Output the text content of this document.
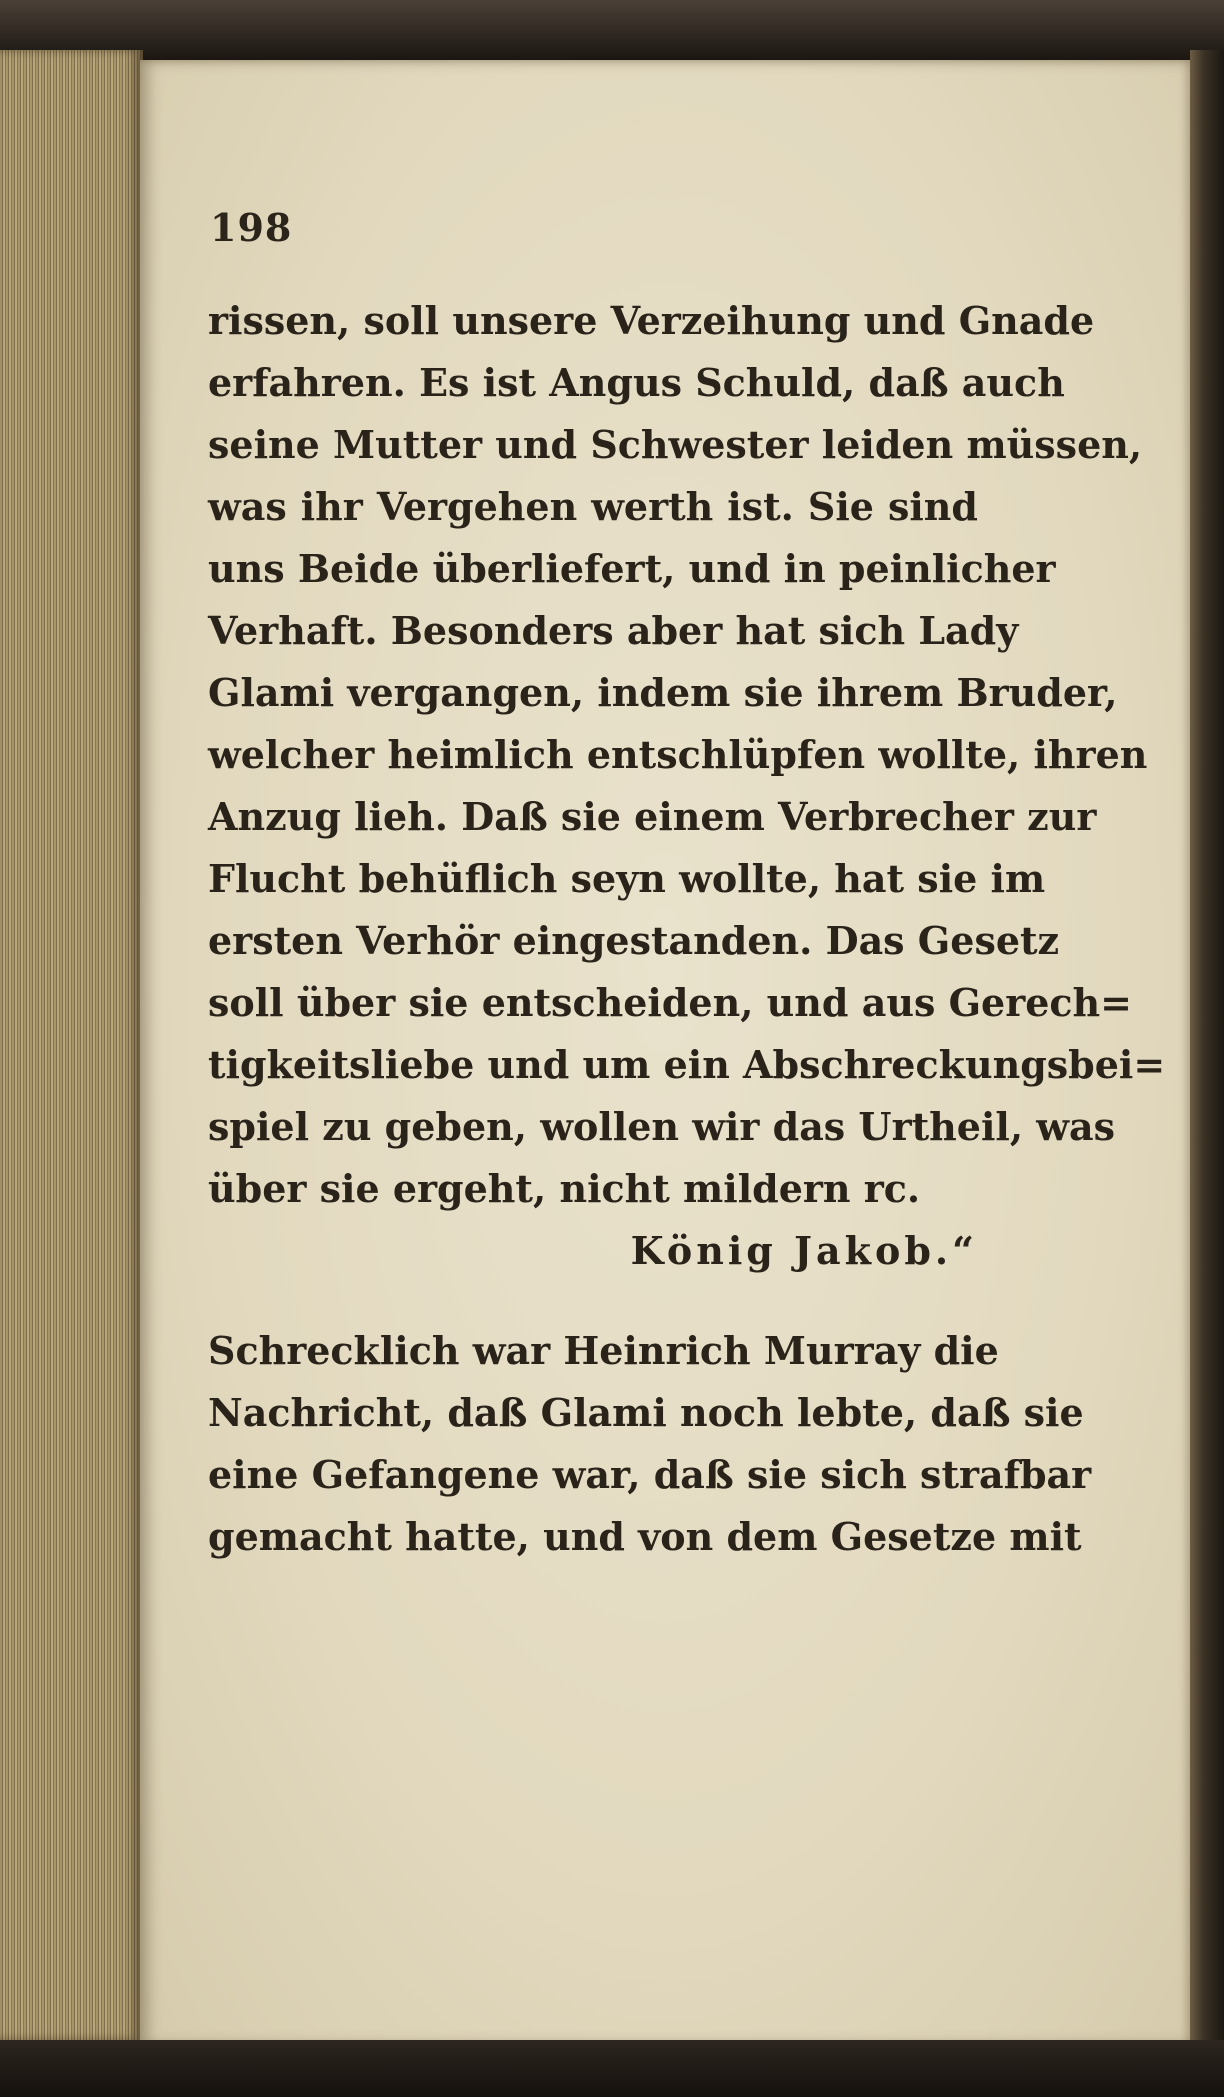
198
rissen, soll unsere Verzeihung und Gnade
erfahren. Es ist Angus Schuld, daß auch
seine Mutter und Schwester leiden müssen,
was ihr Vergehen werth ist. Sie sind
uns Beide überliefert, und in peinlicher
Verhaft. Besonders aber hat sich Lady
Glami vergangen, indem sie ihrem Bruder,
welcher heimlich entschlüpfen wollte, ihren
Anzug lieh. Daß sie einem Verbrecher zur
Flucht behüflich seyn wollte, hat sie im
ersten Verhör eingestanden. Das Gesetz
soll über sie entscheiden, und aus Gerech=
tigkeitsliebe und um ein Abschreckungsbei=
spiel zu geben, wollen wir das Urtheil, was
über sie ergeht, nicht mildern rc.
König Jakob.“
Schrecklich war Heinrich Murray die
Nachricht, daß Glami noch lebte, daß sie
eine Gefangene war, daß sie sich strafbar
gemacht hatte, und von dem Gesetze mit
